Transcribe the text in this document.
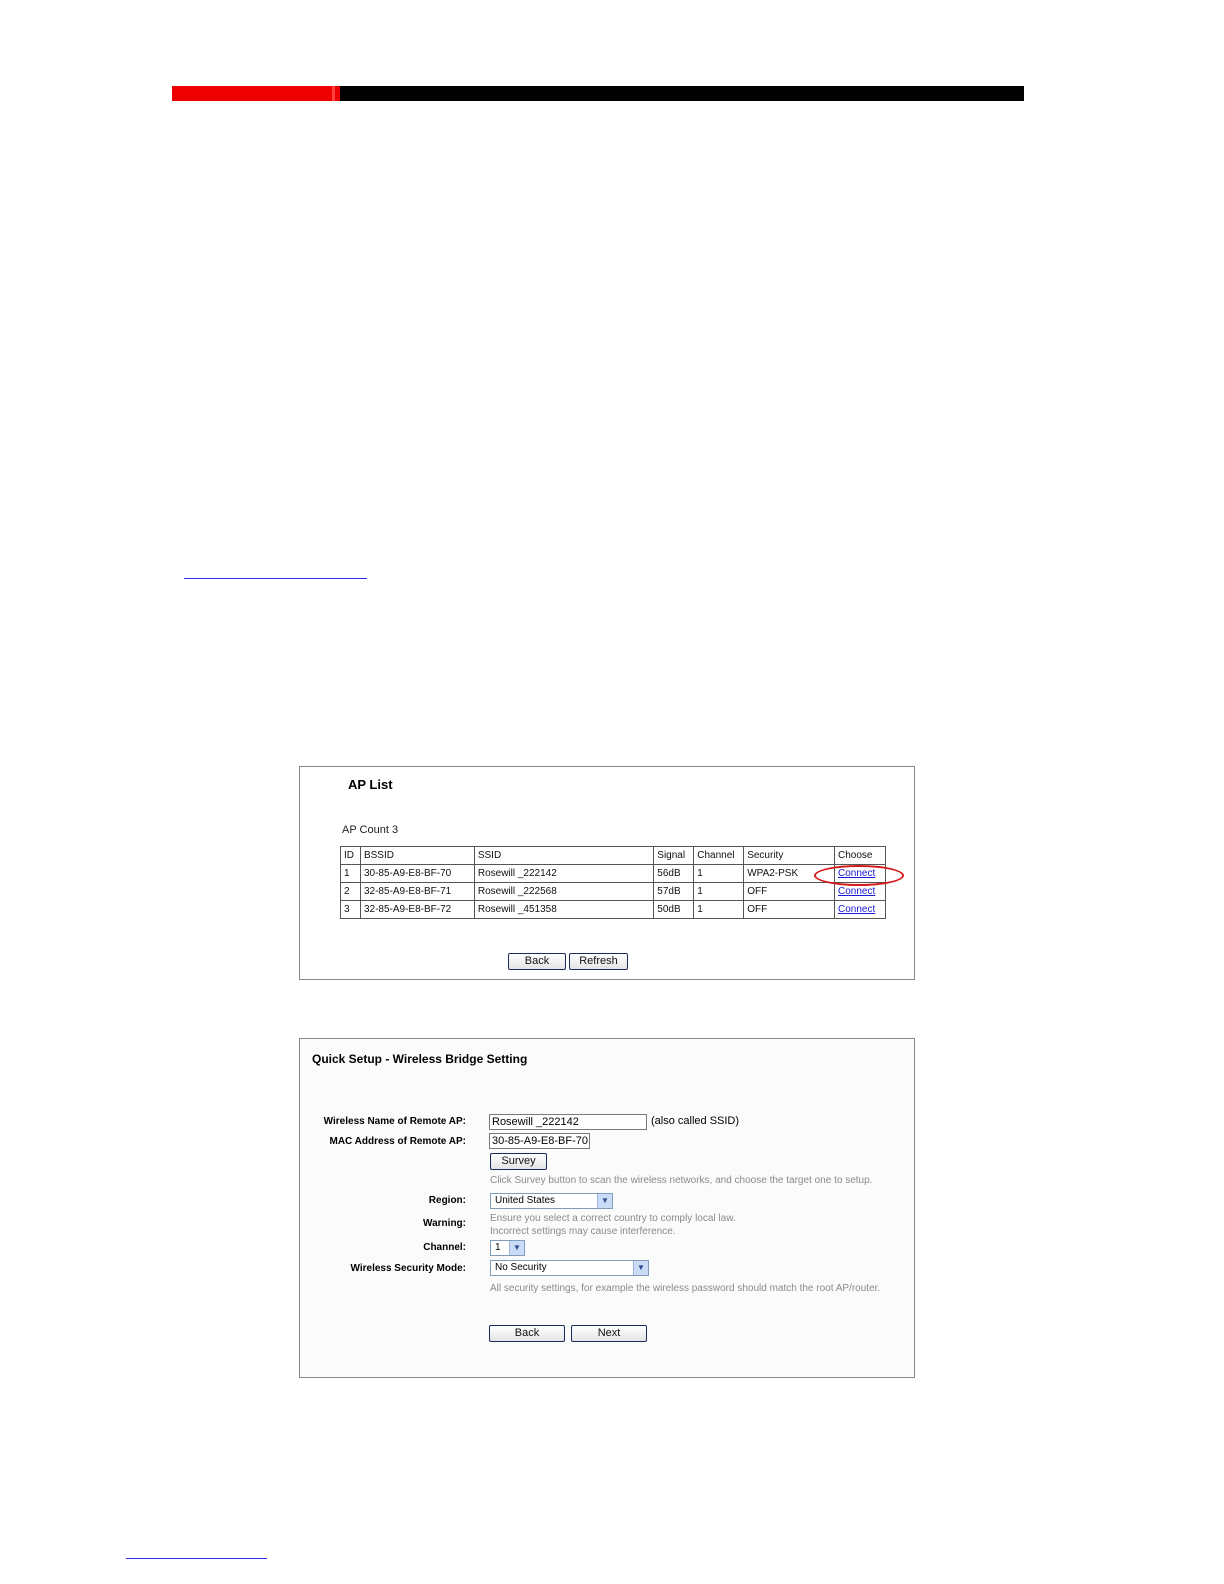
AP List
AP Count 3
ID	BSSID	SSID	Signal	Channel	Security	Choose
1	30-85-A9-E8-BF-70	Rosewill _222142	56dB	1	WPA2-PSK	Connect
2	32-85-A9-E8-BF-71	Rosewill _222568	57dB	1	OFF	Connect
3	32-85-A9-E8-BF-72	Rosewill _451358	50dB	1	OFF	Connect
Back	Refresh
Quick Setup - Wireless Bridge Setting
Wireless Name of Remote AP: Rosewill _222142	(also called SSID)
MAC Address of Remote AP: 30-85-A9-E8-BF-70
Survey
Click Survey button to scan the wireless networks, and choose the target one to setup.
Region:	United States	▼
Warning: Ensure you select a correct country to comply local law.
Incorrect settings may cause interference.
Channel:	1	▼
Wireless Security Mode:	No Security	▼
All security settings, for example the wireless password should match the root AP/router.
Back	Next
